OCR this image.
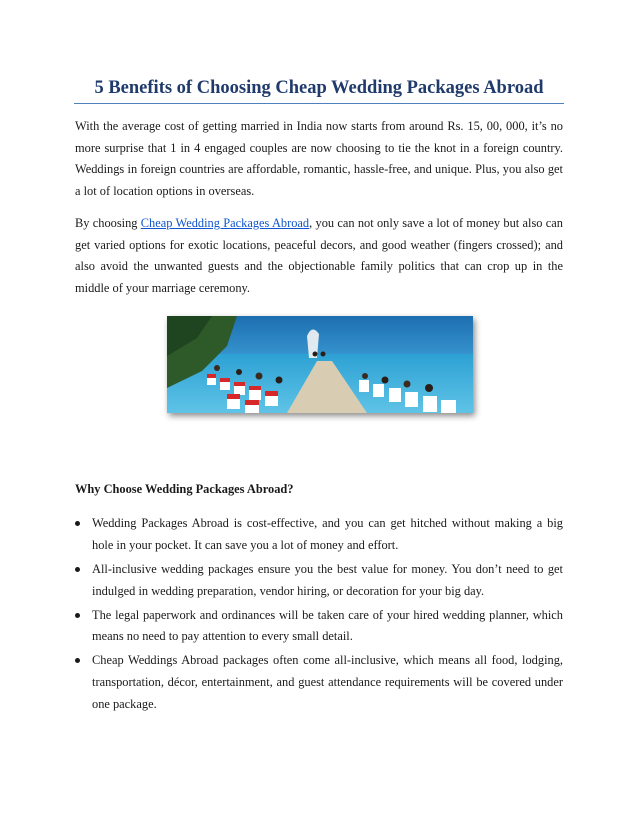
5 Benefits of Choosing Cheap Wedding Packages Abroad

With the average cost of getting married in India now starts from around Rs. 15, 00, 000, it’s no more surprise that 1 in 4 engaged couples are now choosing to tie the knot in a foreign country. Weddings in foreign countries are affordable, romantic, hassle-free, and unique. Plus, you also get a lot of location options in overseas.

By choosing Cheap Wedding Packages Abroad, you can not only save a lot of money but also can get varied options for exotic locations, peaceful decors, and good weather (fingers crossed); and also avoid the unwanted guests and the objectionable family politics that can crop up in the middle of your marriage ceremony.

Why Choose Wedding Packages Abroad?
Wedding Packages Abroad is cost-effective, and you can get hitched without making a big hole in your pocket. It can save you a lot of money and effort.
All-inclusive wedding packages ensure you the best value for money. You don’t need to get indulged in wedding preparation, vendor hiring, or decoration for your big day.
The legal paperwork and ordinances will be taken care of your hired wedding planner, which means no need to pay attention to every small detail.
Cheap Weddings Abroad packages often come all-inclusive, which means all food, lodging, transportation, décor, entertainment, and guest attendance requirements will be covered under one package.
